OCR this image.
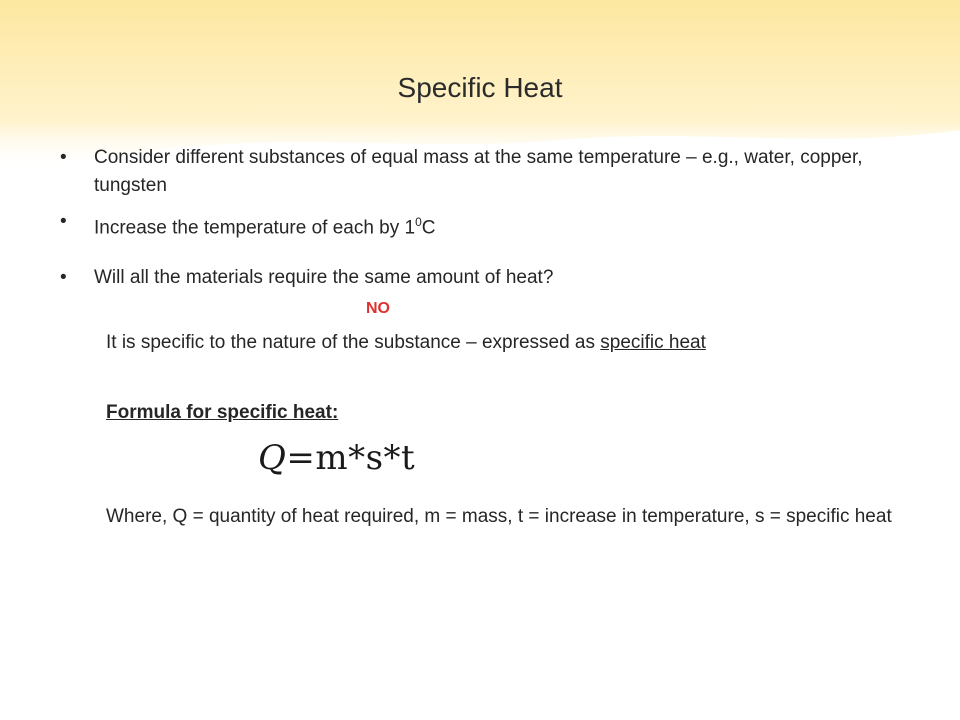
Specific Heat
•	Consider different substances of equal mass at the same temperature – e.g., water, copper, tungsten
•	Increase the temperature of each by $1^0C$
•	Will all the materials require the same amount of heat?
NO
It is specific to the nature of the substance – expressed as specific heat
Formula for specific heat:
Q=m*s*t
Where, Q = quantity of heat required, m = mass, t = increase in temperature, s = specific heat
